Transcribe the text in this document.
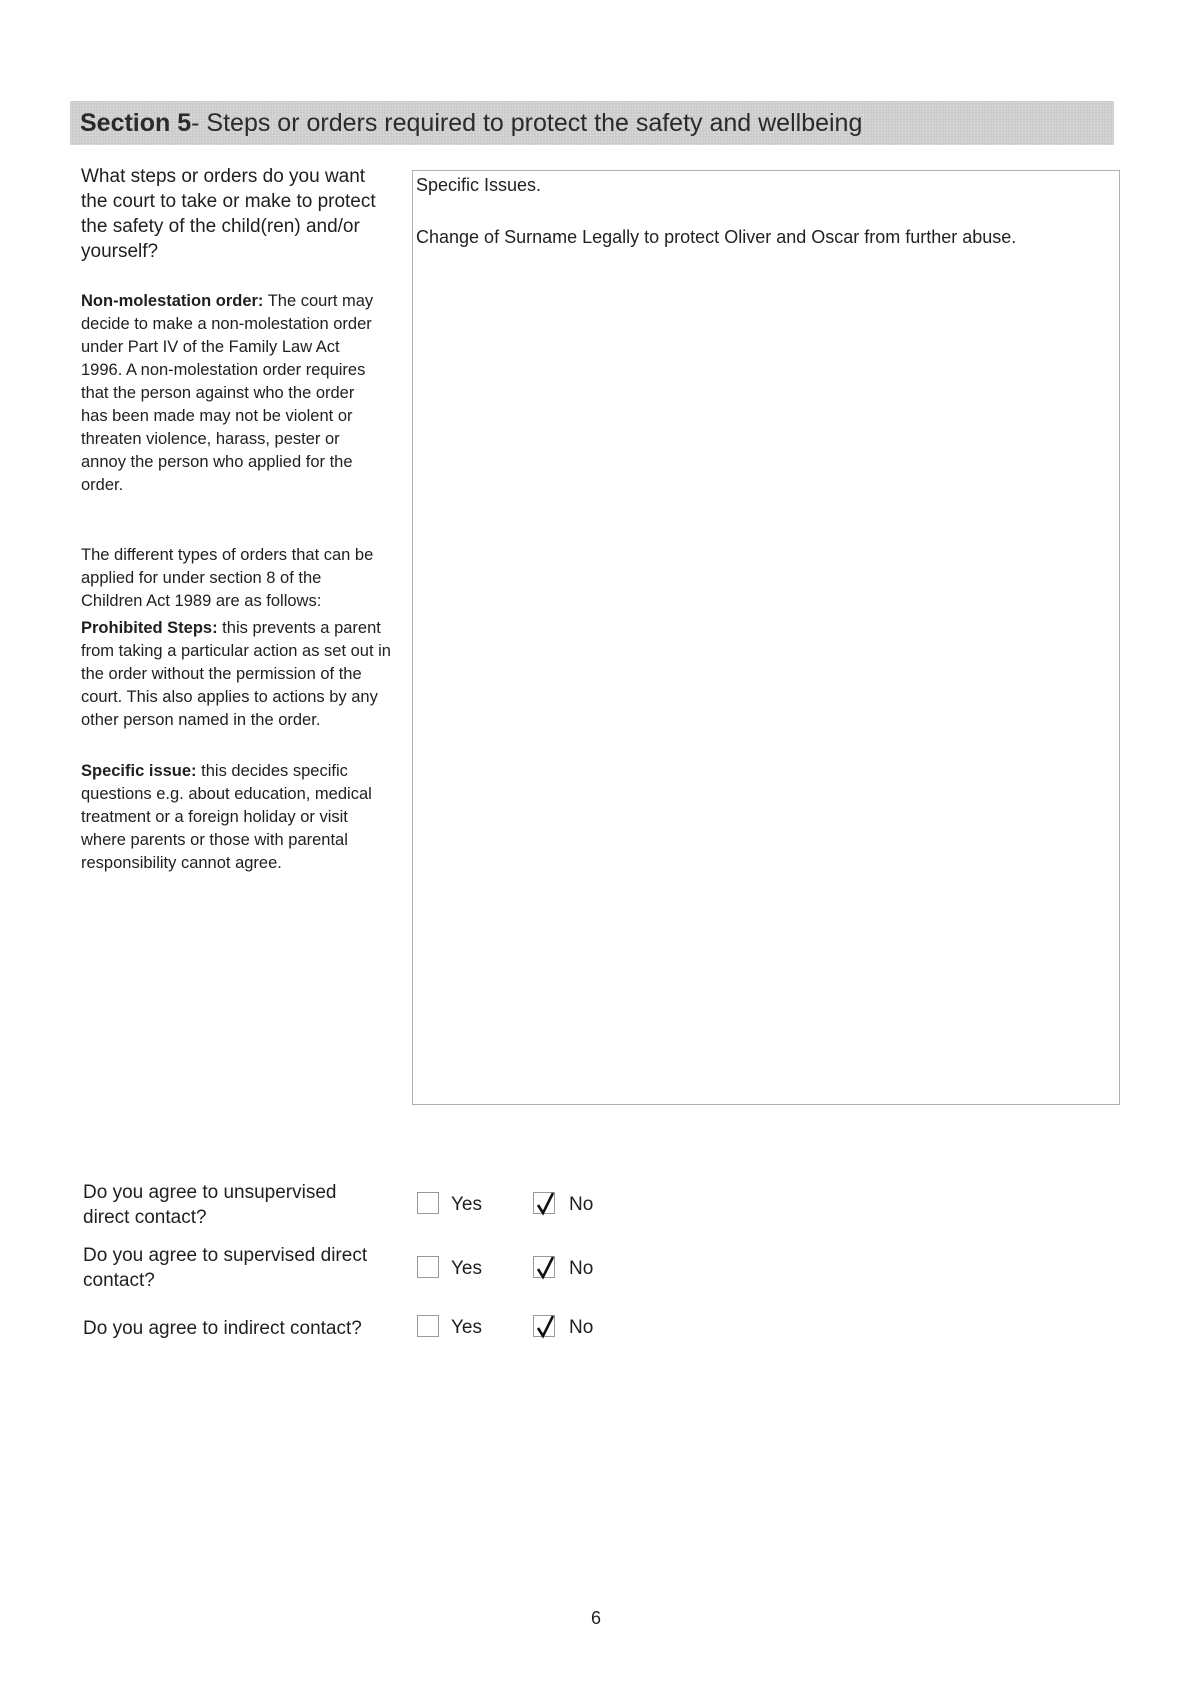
Section 5 - Steps or orders required to protect the safety and wellbeing
What steps or orders do you want the court to take or make to protect the safety of the child(ren) and/or yourself?
Non-molestation order: The court may decide to make a non-molestation order under Part IV of the Family Law Act 1996. A non-molestation order requires that the person against who the order has been made may not be violent or threaten violence, harass, pester or annoy the person who applied for the order.
The different types of orders that can be applied for under section 8 of the Children Act 1989 are as follows:
Prohibited Steps: this prevents a parent from taking a particular action as set out in the order without the permission of the court. This also applies to actions by any other person named in the order.
Specific issue: this decides specific questions e.g. about education, medical treatment or a foreign holiday or visit where parents or those with parental responsibility cannot agree.
Specific Issues.
Change of Surname Legally to protect Oliver and Oscar from further abuse.
Do you agree to unsupervised direct contact?
Yes	No
Do you agree to supervised direct contact?
Yes	No
Do you agree to indirect contact?	Yes	No
6
